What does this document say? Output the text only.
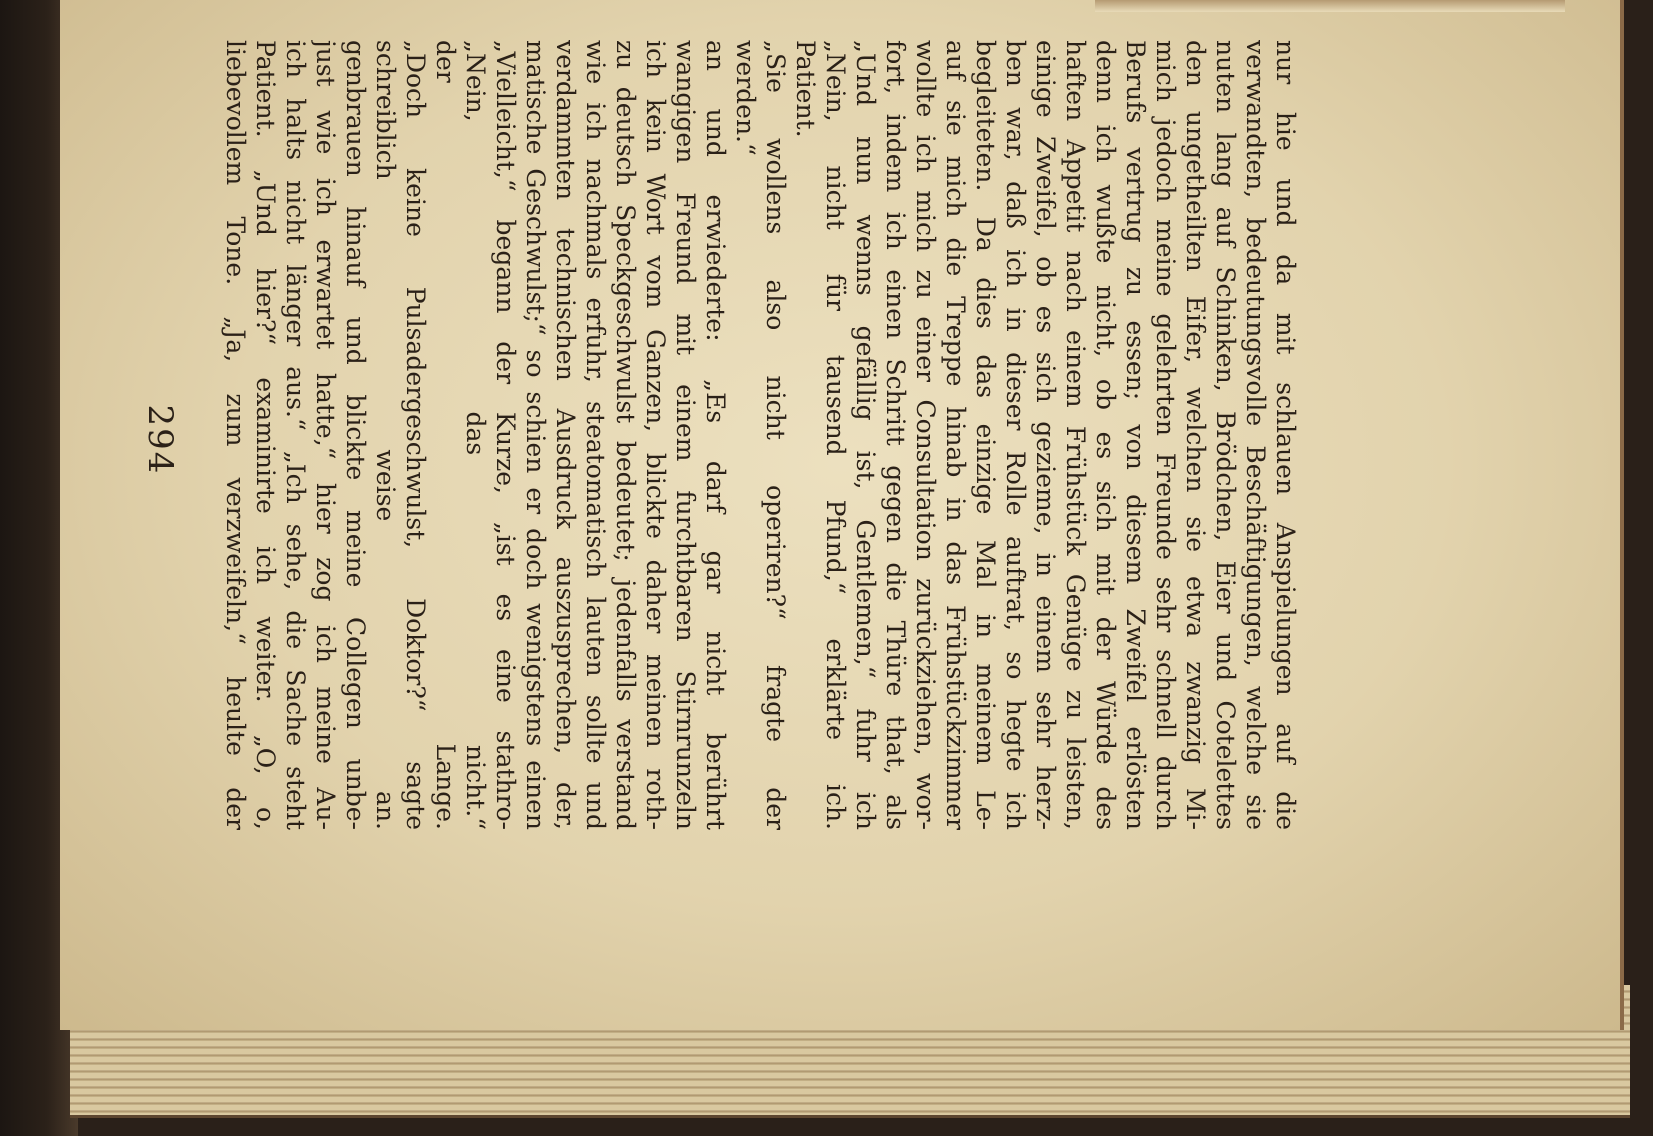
liebevollem Tone. „Ja, zum verzweifeln,“ heulte der Patient. „Und hier?“ examinirte ich weiter. „O, o, ich halts nicht länger aus.“ „Ich sehe, die Sache steht just wie ich erwartet hatte,“ hier zog ich meine Au- genbrauen hinauf und blickte meine Collegen unbe- schreiblich weise an. „Doch keine Pulsadergeschwulst, Doktor?“ sagte der Lange. „Nein, das nicht.“ „Vielleicht,“ begann der Kurze, „ist es eine stathro- matische Geschwulst;“ so schien er doch wenigstens einen verdammten technischen Ausdruck auszusprechen, der, wie ich nachmals erfuhr, steatomatisch lauten sollte und zu deutsch Speckgeschwulst bedeutet; jedenfalls verstand ich kein Wort vom Ganzen, blickte daher meinen roth- wangigen Freund mit einem furchtbaren Stirnrunzeln an und erwiederte: „Es darf gar nicht berührt werden.“ „Sie wollens also nicht operiren?“ fragte der Patient. „Nein, nicht für tausend Pfund,“ erklärte ich. „Und nun wenns gefällig ist, Gentlemen,“ fuhr ich fort, indem ich einen Schritt gegen die Thüre that, als wollte ich mich zu einer Consultation zurückziehen, wor- auf sie mich die Treppe hinab in das Frühstückzimmer begleiteten. Da dies das einzige Mal in meinem Le- ben war, daß ich in dieser Rolle auftrat, so hegte ich einige Zweifel, ob es sich gezieme, in einem sehr herz- haften Appetit nach einem Frühstück Genüge zu leisten, denn ich wußte nicht, ob es sich mit der Würde des Berufs vertrug zu essen; von diesem Zweifel erlösten mich jedoch meine gelehrten Freunde sehr schnell durch den ungetheilten Eifer, welchen sie etwa zwanzig Mi- nuten lang auf Schinken, Brödchen, Eier und Cotelettes verwandten, bedeutungsvolle Beschäftigungen, welche sie nur hie und da mit schlauen Anspielungen auf die
294
